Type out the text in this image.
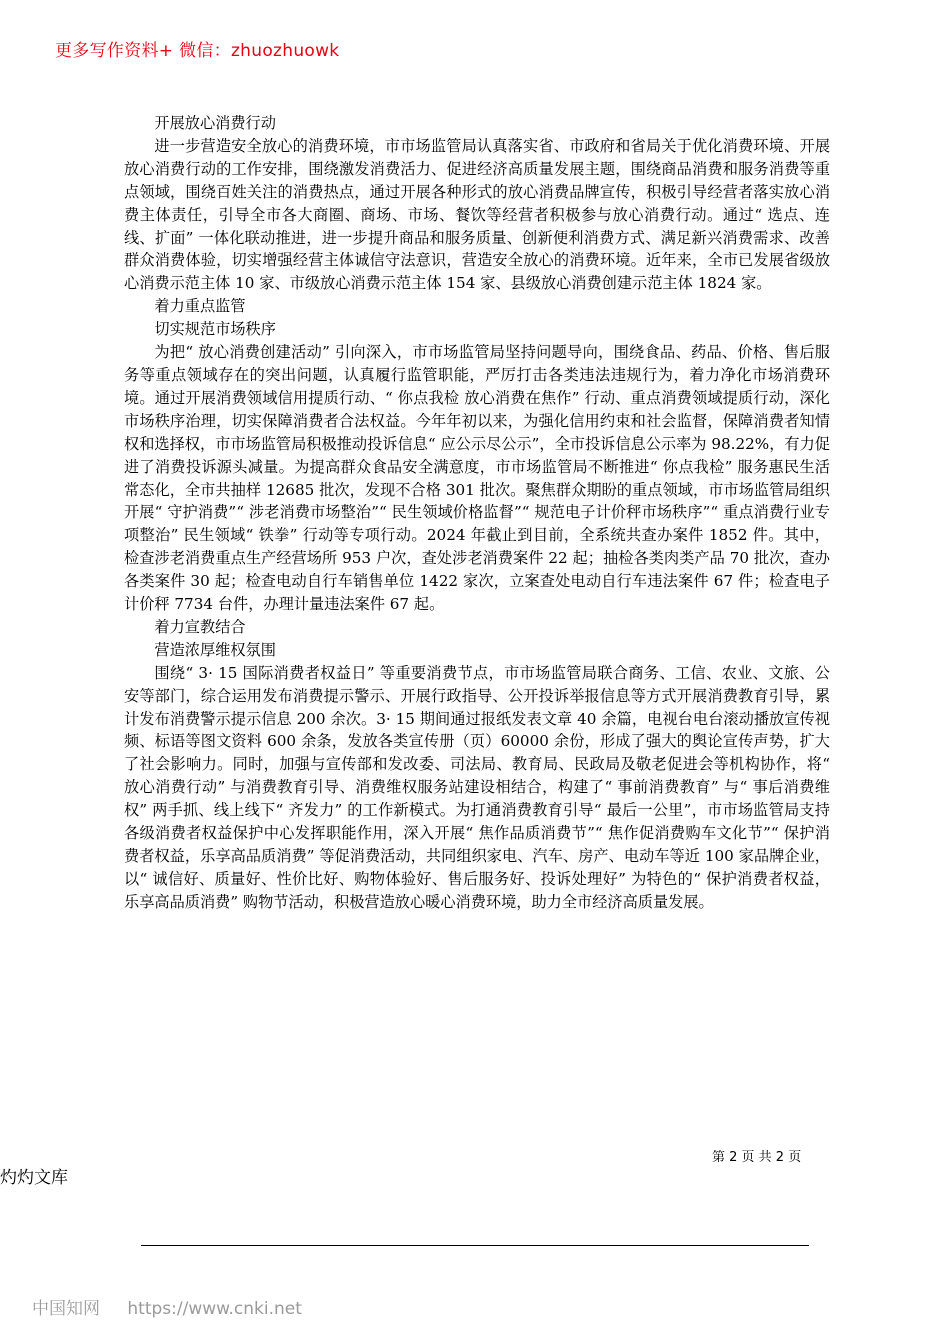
更多写作资料+ 微信：zhuozhuowk

开展放心消费行动

进一步营造安全放心的消费环境，市市场监管局认真落实省、市政府和省局关于优化消费环境、开展放心消费行动的工作安排，围绕激发消费活力、促进经济高质量发展主题，围绕商品消费和服务消费等重点领域，围绕百姓关注的消费热点，通过开展各种形式的放心消费品牌宣传，积极引导经营者落实放心消费主体责任，引导全市各大商圈、商场、市场、餐饮等经营者积极参与放心消费行动。通过“ 选点、连线、扩面” 一体化联动推进，进一步提升商品和服务质量、创新便利消费方式、满足新兴消费需求、改善群众消费体验，切实增强经营主体诚信守法意识，营造安全放心的消费环境。近年来，全市已发展省级放心消费示范主体 10 家、市级放心消费示范主体 154 家、县级放心消费创建示范主体 1824 家。

着力重点监管

切实规范市场秩序

为把“ 放心消费创建活动” 引向深入，市市场监管局坚持问题导向，围绕食品、药品、价格、售后服务等重点领域存在的突出问题，认真履行监管职能，严厉打击各类违法违规行为，着力净化市场消费环境。通过开展消费领域信用提质行动、“ 你点我检 放心消费在焦作” 行动、重点消费领域提质行动，深化市场秩序治理，切实保障消费者合法权益。今年年初以来，为强化信用约束和社会监督，保障消费者知情权和选择权，市市场监管局积极推动投诉信息“ 应公示尽公示”，全市投诉信息公示率为 98.22%，有力促进了消费投诉源头减量。为提高群众食品安全满意度，市市场监管局不断推进“ 你点我检” 服务惠民生活常态化，全市共抽样 12685 批次，发现不合格 301 批次。聚焦群众期盼的重点领域，市市场监管局组织开展“ 守护消费”“ 涉老消费市场整治”“ 民生领域价格监督”“ 规范电子计价秤市场秩序”“ 重点消费行业专项整治” 民生领域“ 铁拳” 行动等专项行动。2024 年截止到目前，全系统共查办案件 1852 件。其中，检查涉老消费重点生产经营场所 953 户次，查处涉老消费案件 22 起；抽检各类肉类产品 70 批次，查办各类案件 30 起；检查电动自行车销售单位 1422 家次，立案查处电动自行车违法案件 67 件；检查电子计价秤 7734 台件，办理计量违法案件 67 起。

着力宣教结合

营造浓厚维权氛围

围绕“ 3· 15 国际消费者权益日” 等重要消费节点，市市场监管局联合商务、工信、农业、文旅、公安等部门，综合运用发布消费提示警示、开展行政指导、公开投诉举报信息等方式开展消费教育引导，累计发布消费警示提示信息 200 余次。3· 15 期间通过报纸发表文章 40 余篇，电视台电台滚动播放宣传视频、标语等图文资料 600 余条，发放各类宣传册（页）60000 余份，形成了强大的舆论宣传声势，扩大了社会影响力。同时，加强与宣传部和发改委、司法局、教育局、民政局及敬老促进会等机构协作，将“ 放心消费行动” 与消费教育引导、消费维权服务站建设相结合，构建了“ 事前消费教育” 与“ 事后消费维权” 两手抓、线上线下“ 齐发力” 的工作新模式。为打通消费教育引导“ 最后一公里”，市市场监管局支持各级消费者权益保护中心发挥职能作用，深入开展“ 焦作品质消费节”“ 焦作促消费购车文化节”“ 保护消费者权益，乐享高品质消费” 等促消费活动，共同组织家电、汽车、房产、电动车等近 100 家品牌企业，以“ 诚信好、质量好、性价比好、购物体验好、售后服务好、投诉处理好” 为特色的“ 保护消费者权益，乐享高品质消费” 购物节活动，积极营造放心暖心消费环境，助力全市经济高质量发展。

第 2 页 共 2 页
灼灼文库
中国知网 https://www.cnki.net
